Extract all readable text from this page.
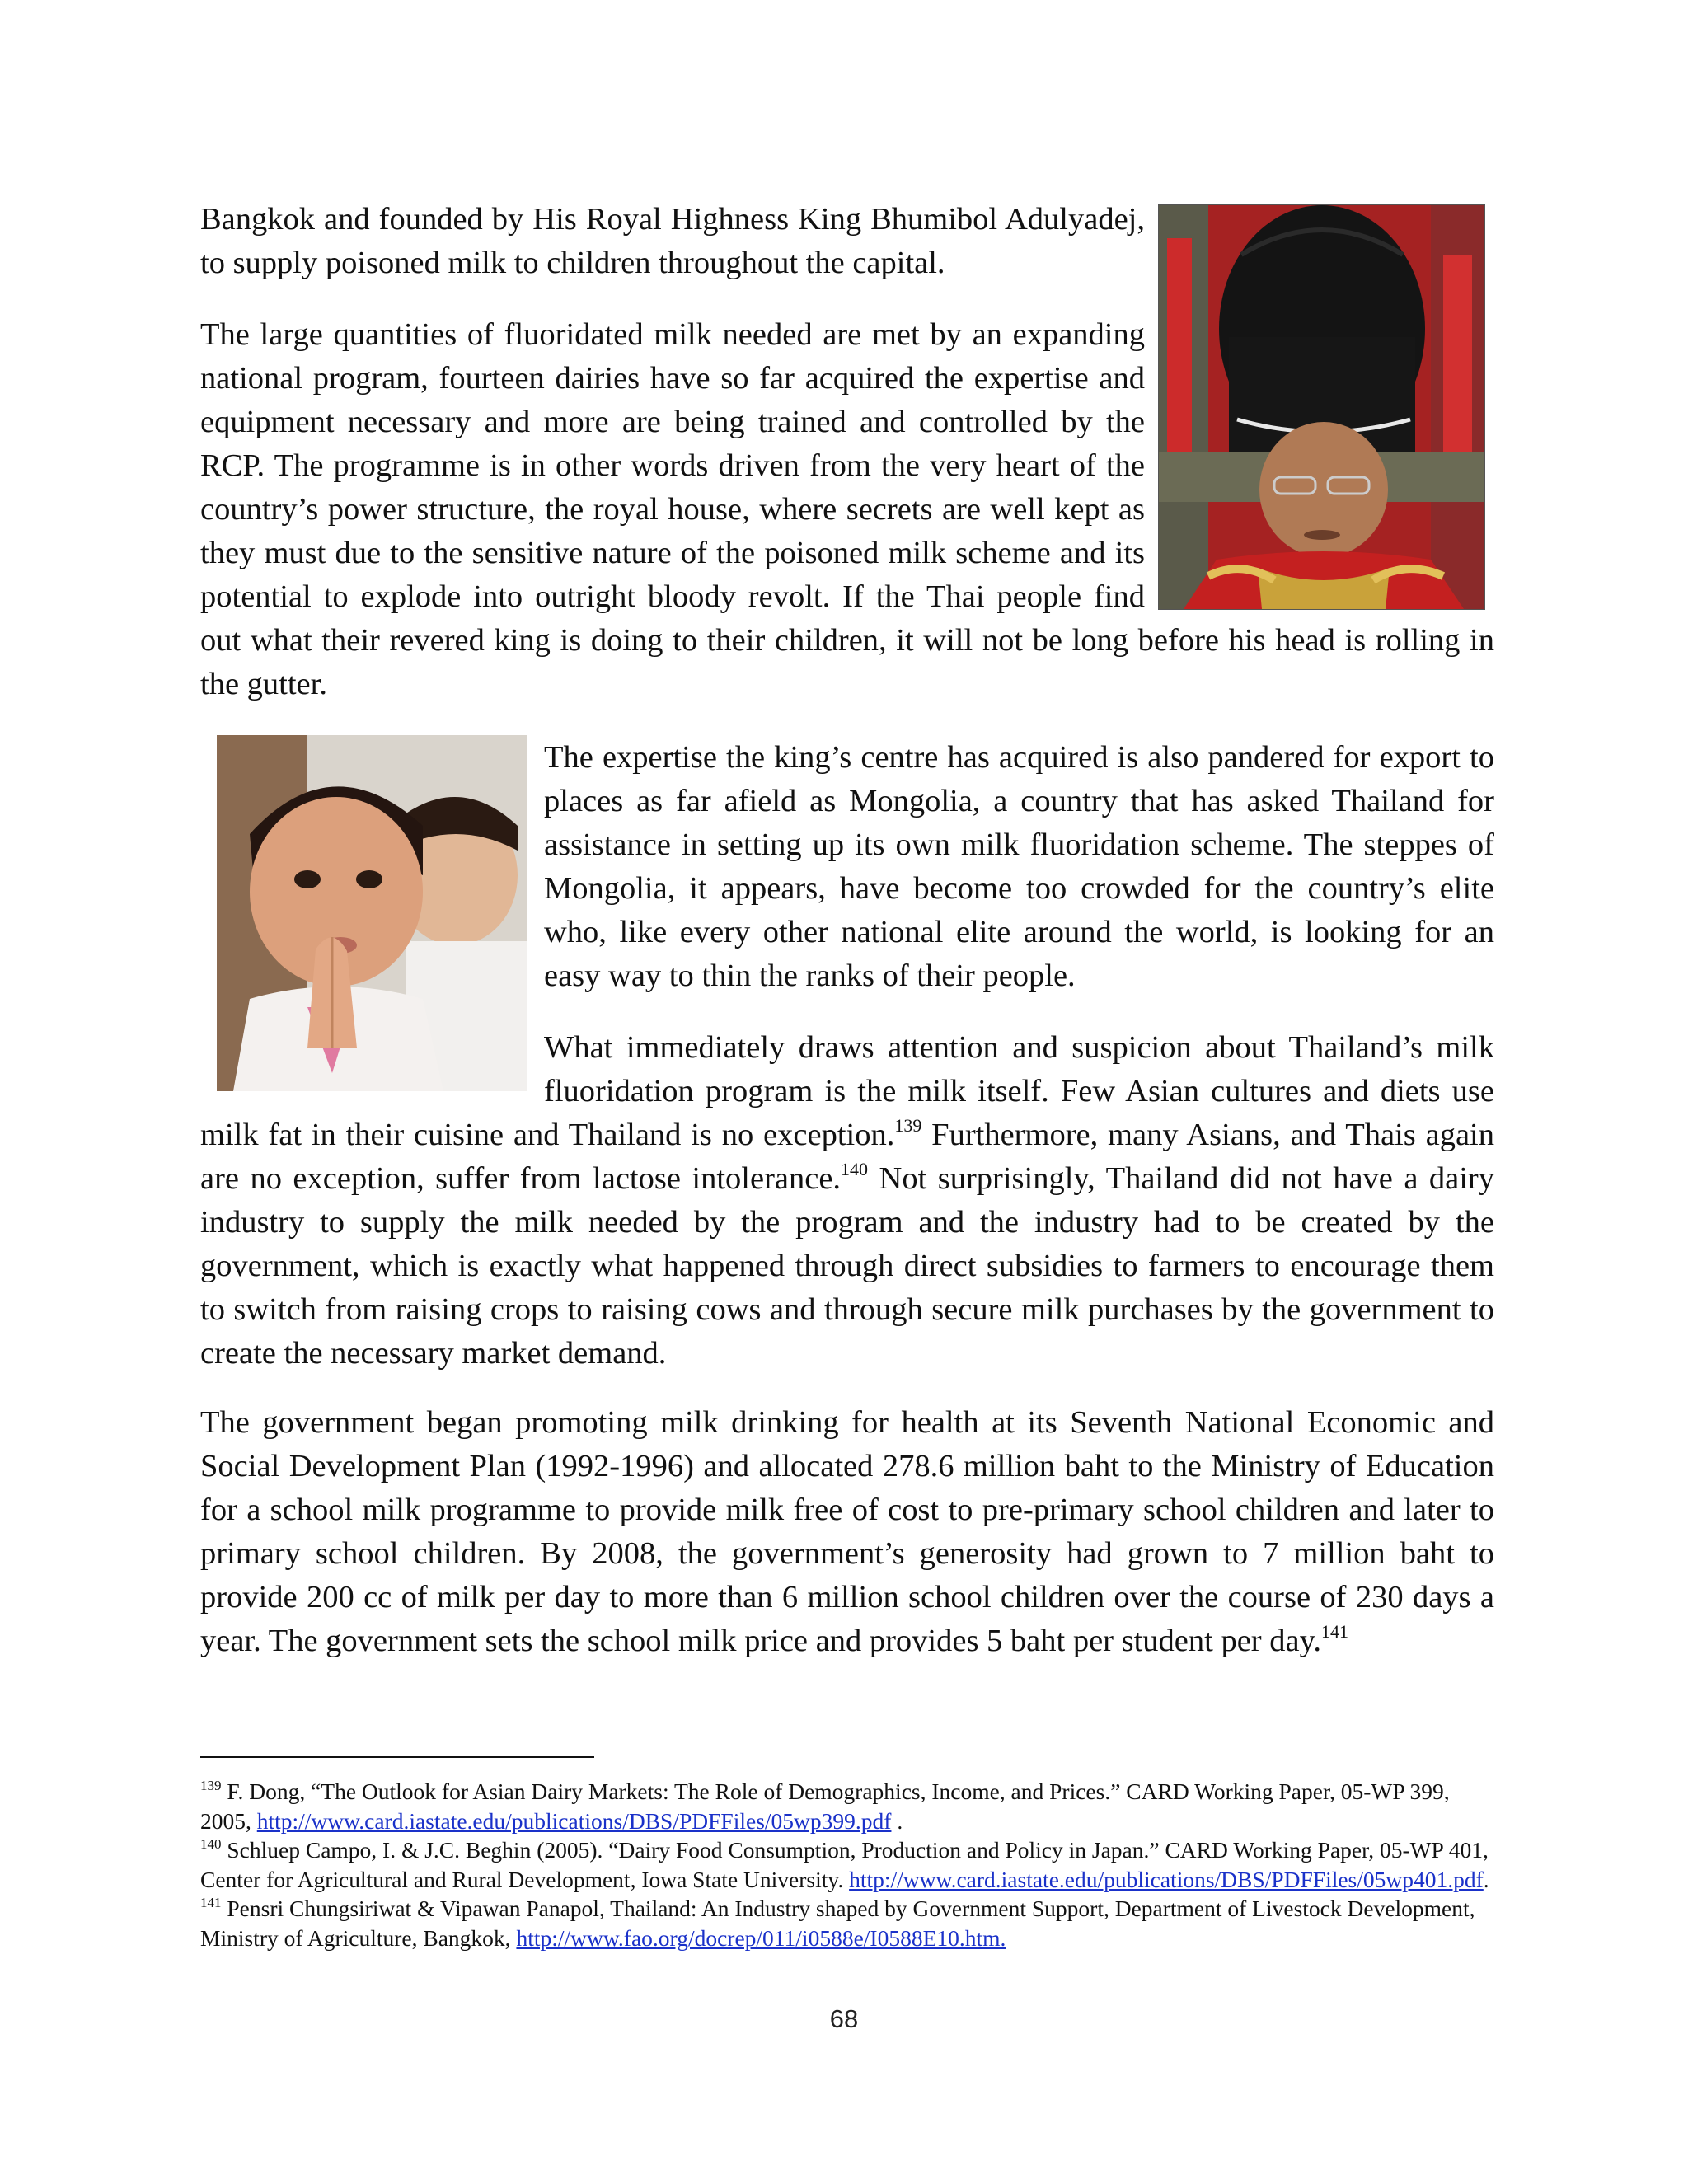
Bangkok and founded by His Royal Highness King Bhumibol Adulyadej, to supply poisoned milk to children throughout the capital.

The large quantities of fluoridated milk needed are met by an expanding national program, fourteen dairies have so far acquired the expertise and equipment necessary and more are being trained and controlled by the RCP. The programme is in other words driven from the very heart of the country’s power structure, the royal house, where secrets are well kept as they must due to the sensitive nature of the poisoned milk scheme and its potential to explode into outright bloody revolt. If the Thai people find out what their revered king is doing to their children, it will not be long before his head is rolling in the gutter.

The expertise the king’s centre has acquired is also pandered for export to places as far afield as Mongolia, a country that has asked Thailand for assistance in setting up its own milk fluoridation scheme. The steppes of Mongolia, it appears, have become too crowded for the country’s elite who, like every other national elite around the world, is looking for an easy way to thin the ranks of their people.

What immediately draws attention and suspicion about Thailand’s milk fluoridation program is the milk itself. Few Asian cultures and diets use milk fat in their cuisine and Thailand is no exception.$^{139}$ Furthermore, many Asians, and Thais again are no exception, suffer from lactose intolerance.$^{140}$ Not surprisingly, Thailand did not have a dairy industry to supply the milk needed by the program and the industry had to be created by the government, which is exactly what happened through direct subsidies to farmers to encourage them to switch from raising crops to raising cows and through secure milk purchases by the government to create the necessary market demand.

The government began promoting milk drinking for health at its Seventh National Economic and Social Development Plan (1992-1996) and allocated 278.6 million baht to the Ministry of Education for a school milk programme to provide milk free of cost to pre-primary school children and later to primary school children. By 2008, the government’s generosity had grown to 7 million baht to provide 200 cc of milk per day to more than 6 million school children over the course of 230 days a year. The government sets the school milk price and provides 5 baht per student per day.$^{141}$

$^{139}$ F. Dong, “The Outlook for Asian Dairy Markets: The Role of Demographics, Income, and Prices.” CARD Working Paper, 05-WP 399, 2005, http://www.card.iastate.edu/publications/DBS/PDFFiles/05wp399.pdf .

$^{140}$ Schluep Campo, I. & J.C. Beghin (2005). “Dairy Food Consumption, Production and Policy in Japan.” CARD Working Paper, 05-WP 401, Center for Agricultural and Rural Development, Iowa State University. http://www.card.iastate.edu/publications/DBS/PDFFiles/05wp401.pdf.

$^{141}$ Pensri Chungsiriwat & Vipawan Panapol, Thailand: An Industry shaped by Government Support, Department of Livestock Development, Ministry of Agriculture, Bangkok, http://www.fao.org/docrep/011/i0588e/I0588E10.htm.

68
